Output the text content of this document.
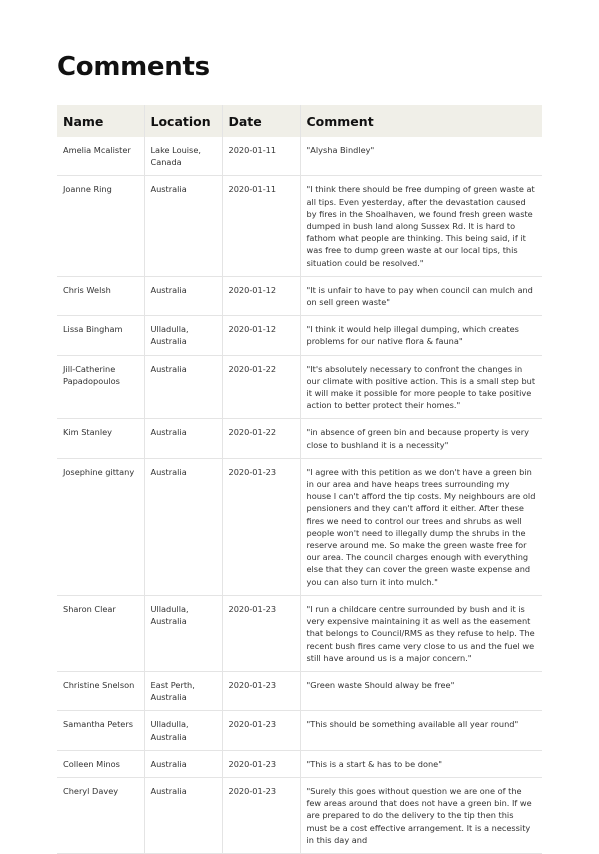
Comments
Name	Location	Date	Comment
Amelia Mcalister	Lake Louise, Canada	2020-01-11	"Alysha Bindley"
Joanne Ring	Australia	2020-01-11	"I think there should be free dumping of green waste at all tips. Even yesterday, after the devastation caused by fires in the Shoalhaven, we found fresh green waste dumped in bush land along Sussex Rd. It is hard to fathom what people are thinking. This being said, if it was free to dump green waste at our local tips, this situation could be resolved."
Chris Welsh	Australia	2020-01-12	"It is unfair to have to pay when council can mulch and on sell green waste"
Lissa Bingham	Ulladulla, Australia	2020-01-12	"I think it would help illegal dumping, which creates problems for our native flora & fauna"
Jill-Catherine Papadopoulos	Australia	2020-01-22	"It's absolutely necessary to confront the changes in our climate with positive action. This is a small step but it will make it possible for more people to take positive action to better protect their homes."
Kim Stanley	Australia	2020-01-22	"in absence of green bin and because property is very close to bushland it is a necessity"
Josephine gittany	Australia	2020-01-23	"I agree with this petition as we don't have a green bin in our area and have heaps trees surrounding my house I can't afford the tip costs. My neighbours are old pensioners and they can't afford it either. After these fires we need to control our trees and shrubs as well people won't need to illegally dump the shrubs in the reserve around me. So make the green waste free for our area. The council charges enough with everything else that they can cover the green waste expense and you can also turn it into mulch."
Sharon Clear	Ulladulla, Australia	2020-01-23	"I run a childcare centre surrounded by bush and it is very expensive maintaining it as well as the easement that belongs to Council/RMS as they refuse to help. The recent bush fires came very close to us and the fuel we still have around us is a major concern."
Christine Snelson	East Perth, Australia	2020-01-23	"Green waste Should alway be free"
Samantha Peters	Ulladulla, Australia	2020-01-23	"This should be something available all year round"
Colleen Minos	Australia	2020-01-23	"This is a start & has to be done"
Cheryl Davey	Australia	2020-01-23	"Surely this goes without question we are one of the few areas around that does not have a green bin. If we are prepared to do the delivery to the tip then this must be a cost effective arrangement. It is a necessity in this day and
